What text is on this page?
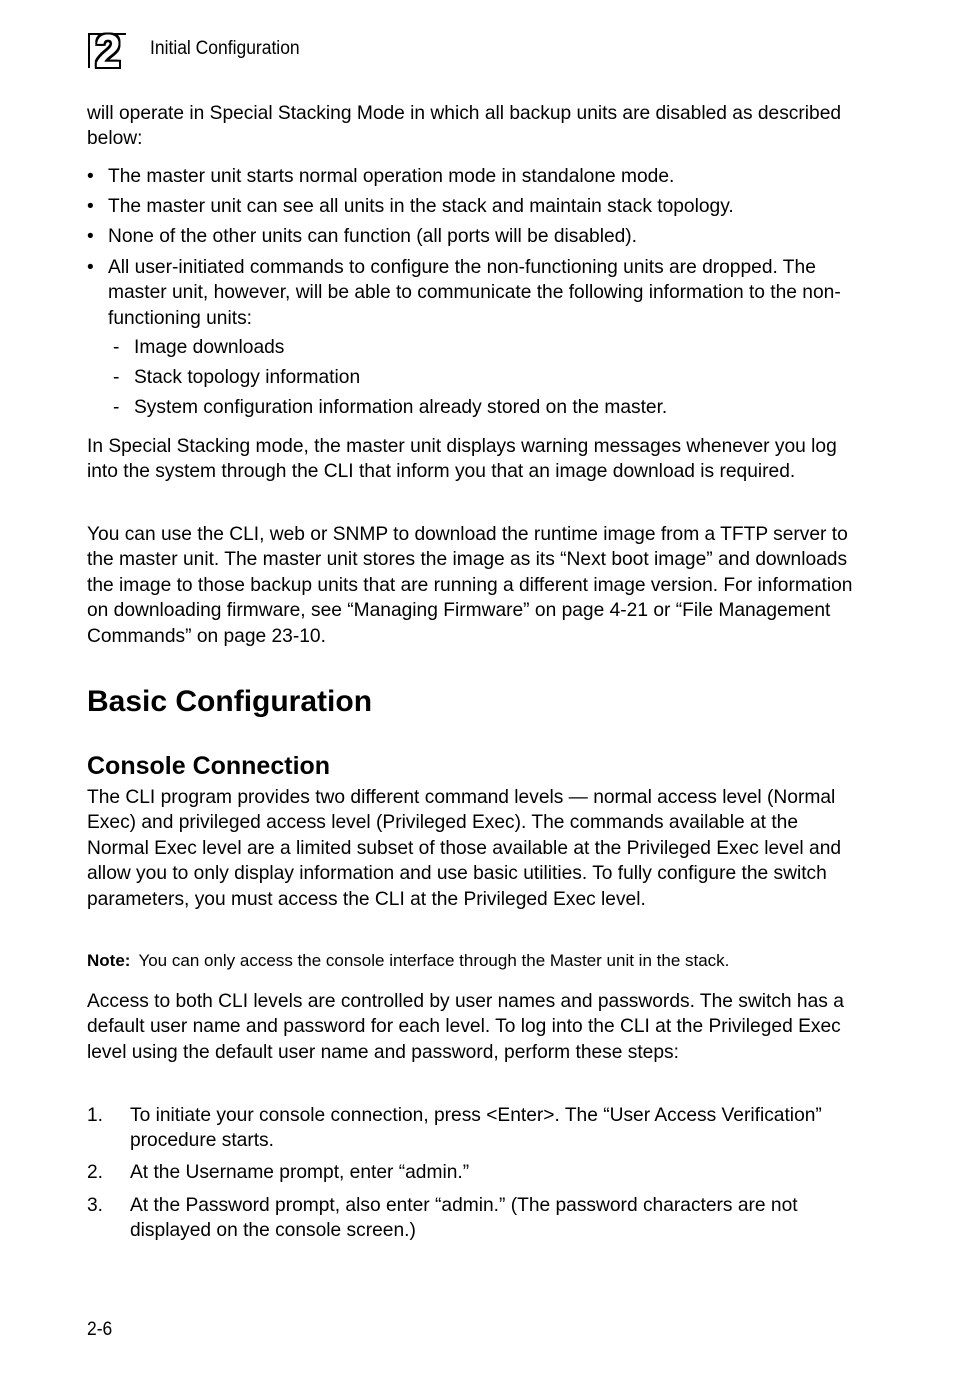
2	Initial Configuration

will operate in Special Stacking Mode in which all backup units are disabled as described below:

• The master unit starts normal operation mode in standalone mode.
• The master unit can see all units in the stack and maintain stack topology.
• None of the other units can function (all ports will be disabled).
• All user-initiated commands to configure the non-functioning units are dropped. The master unit, however, will be able to communicate the following information to the non-functioning units:
- Image downloads
- Stack topology information
- System configuration information already stored on the master.

In Special Stacking mode, the master unit displays warning messages whenever you log into the system through the CLI that inform you that an image download is required.

You can use the CLI, web or SNMP to download the runtime image from a TFTP server to the master unit. The master unit stores the image as its “Next boot image” and downloads the image to those backup units that are running a different image version. For information on downloading firmware, see “Managing Firmware” on page 4-21 or “File Management Commands” on page 23-10.

Basic Configuration
Console Connection

The CLI program provides two different command levels — normal access level (Normal Exec) and privileged access level (Privileged Exec). The commands available at the Normal Exec level are a limited subset of those available at the Privileged Exec level and allow you to only display information and use basic utilities. To fully configure the switch parameters, you must access the CLI at the Privileged Exec level.

Note: You can only access the console interface through the Master unit in the stack.

Access to both CLI levels are controlled by user names and passwords. The switch has a default user name and password for each level. To log into the CLI at the Privileged Exec level using the default user name and password, perform these steps:

1. To initiate your console connection, press <Enter>. The “User Access Verification” procedure starts.
2. At the Username prompt, enter “admin.”
3. At the Password prompt, also enter “admin.” (The password characters are not displayed on the console screen.)
2-6
